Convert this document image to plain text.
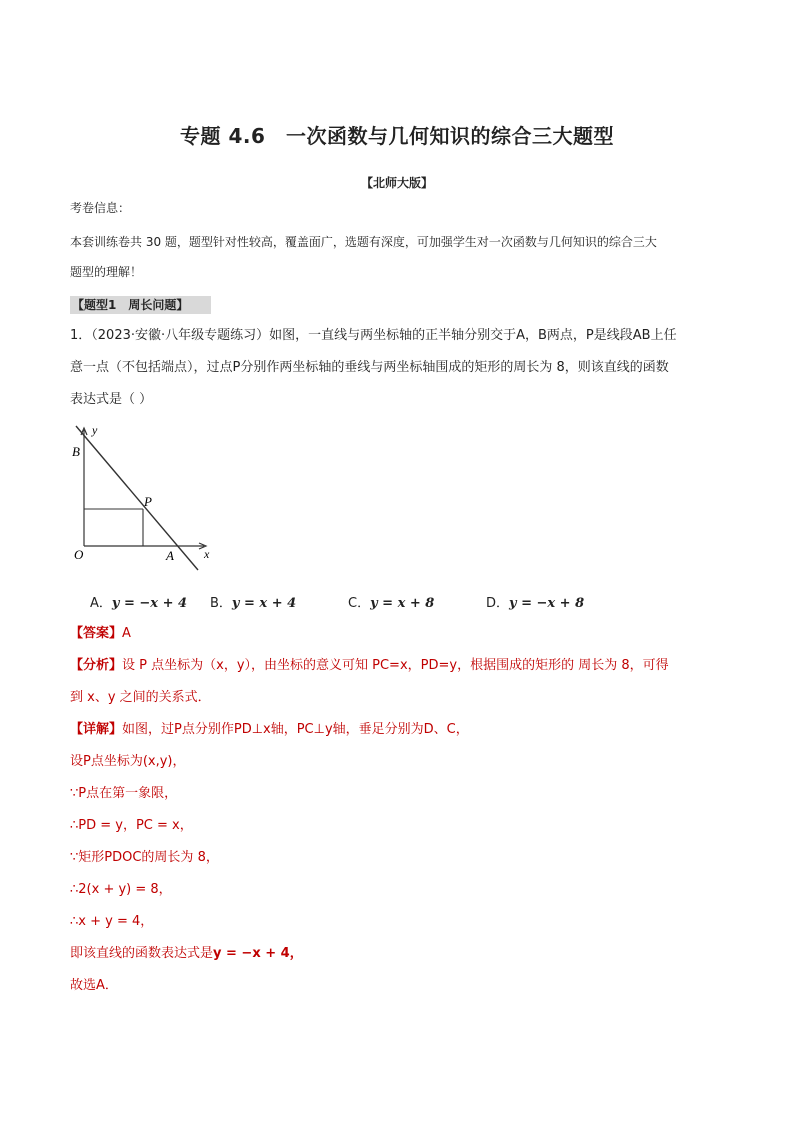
专题 4.6　一次函数与几何知识的综合三大题型
【北师大版】
考卷信息：
本套训练卷共 30 题，题型针对性较高，覆盖面广，选题有深度，可加强学生对一次函数与几何知识的综合三大
题型的理解！
【题型1　周长问题】
1．（2023·安徽·八年级专题练习）如图，一直线与两坐标轴的正半轴分别交于A，B两点，P是线段AB上任
意一点（不包括端点），过点P分别作两坐标轴的垂线与两坐标轴围成的矩形的周长为 8，则该直线的函数
表达式是（ ）
y
B
P
O	A	x
A．y = −x + 4 B．y = x + 4	C．y = x + 8	D．y = −x + 8
【答案】A
【分析】设 P 点坐标为（x，y），由坐标的意义可知 PC=x，PD=y，根据围成的矩形的 周长为 8，可得
到 x、y 之间的关系式．
【详解】如图，过P点分别作PD⊥x轴，PC⊥y轴，垂足分别为D、C，
设P点坐标为(x,y)，
∵P点在第一象限，
∴PD = y，PC = x，
∵矩形PDOC的周长为 8，
∴2(x + y) = 8，
∴x + y = 4，
即该直线的函数表达式是y = −x + 4，
故选A．
